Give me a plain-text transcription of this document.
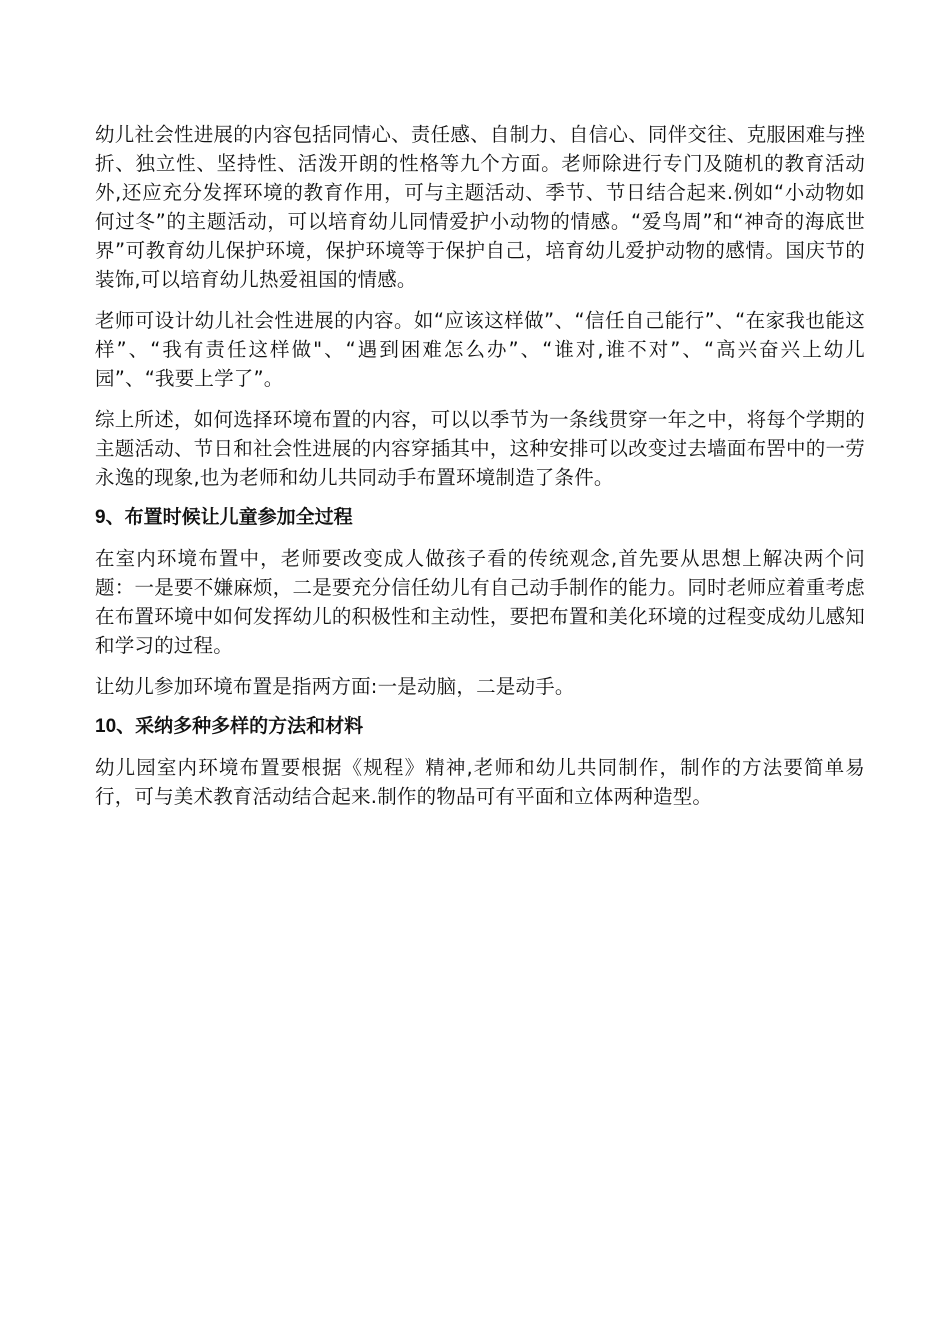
幼儿社会性进展的内容包括同情心、责任感、自制力、自信心、同伴交往、克服困难与挫折、独立性、坚持性、活泼开朗的性格等九个方面。老师除进行专门及随机的教育活动外,还应充分发挥环境的教育作用，可与主题活动、季节、节日结合起来.例如“小动物如何过冬”的主题活动，可以培育幼儿同情爱护小动物的情感。“爱鸟周”和“神奇的海底世界”可教育幼儿保护环境，保护环境等于保护自己，培育幼儿爱护动物的感情。国庆节的装饰,可以培育幼儿热爱祖国的情感。

老师可设计幼儿社会性进展的内容。如“应该这样做”、“信任自己能行”、“在家我也能这样”、“我有责任这样做"、“遇到困难怎么办”、“谁对,谁不对”、“高兴奋兴上幼儿园”、“我要上学了”。

综上所述，如何选择环境布置的内容，可以以季节为一条线贯穿一年之中，将每个学期的主题活动、节日和社会性进展的内容穿插其中，这种安排可以改变过去墙面布罟中的一劳永逸的现象,也为老师和幼儿共同动手布置环境制造了条件。

9、布置时候让儿童参加全过程

在室内环境布置中，老师要改变成人做孩子看的传统观念,首先要从思想上解决两个问题：一是要不嫌麻烦，二是要充分信任幼儿有自己动手制作的能力。同时老师应着重考虑在布置环境中如何发挥幼儿的积极性和主动性，要把布置和美化环境的过程变成幼儿感知和学习的过程。

让幼儿参加环境布置是指两方面:一是动脑，二是动手。

10、采纳多种多样的方法和材料

幼儿园室内环境布置要根据《规程》精神,老师和幼儿共同制作，制作的方法要简单易行，可与美术教育活动结合起来.制作的物品可有平面和立体两种造型。
